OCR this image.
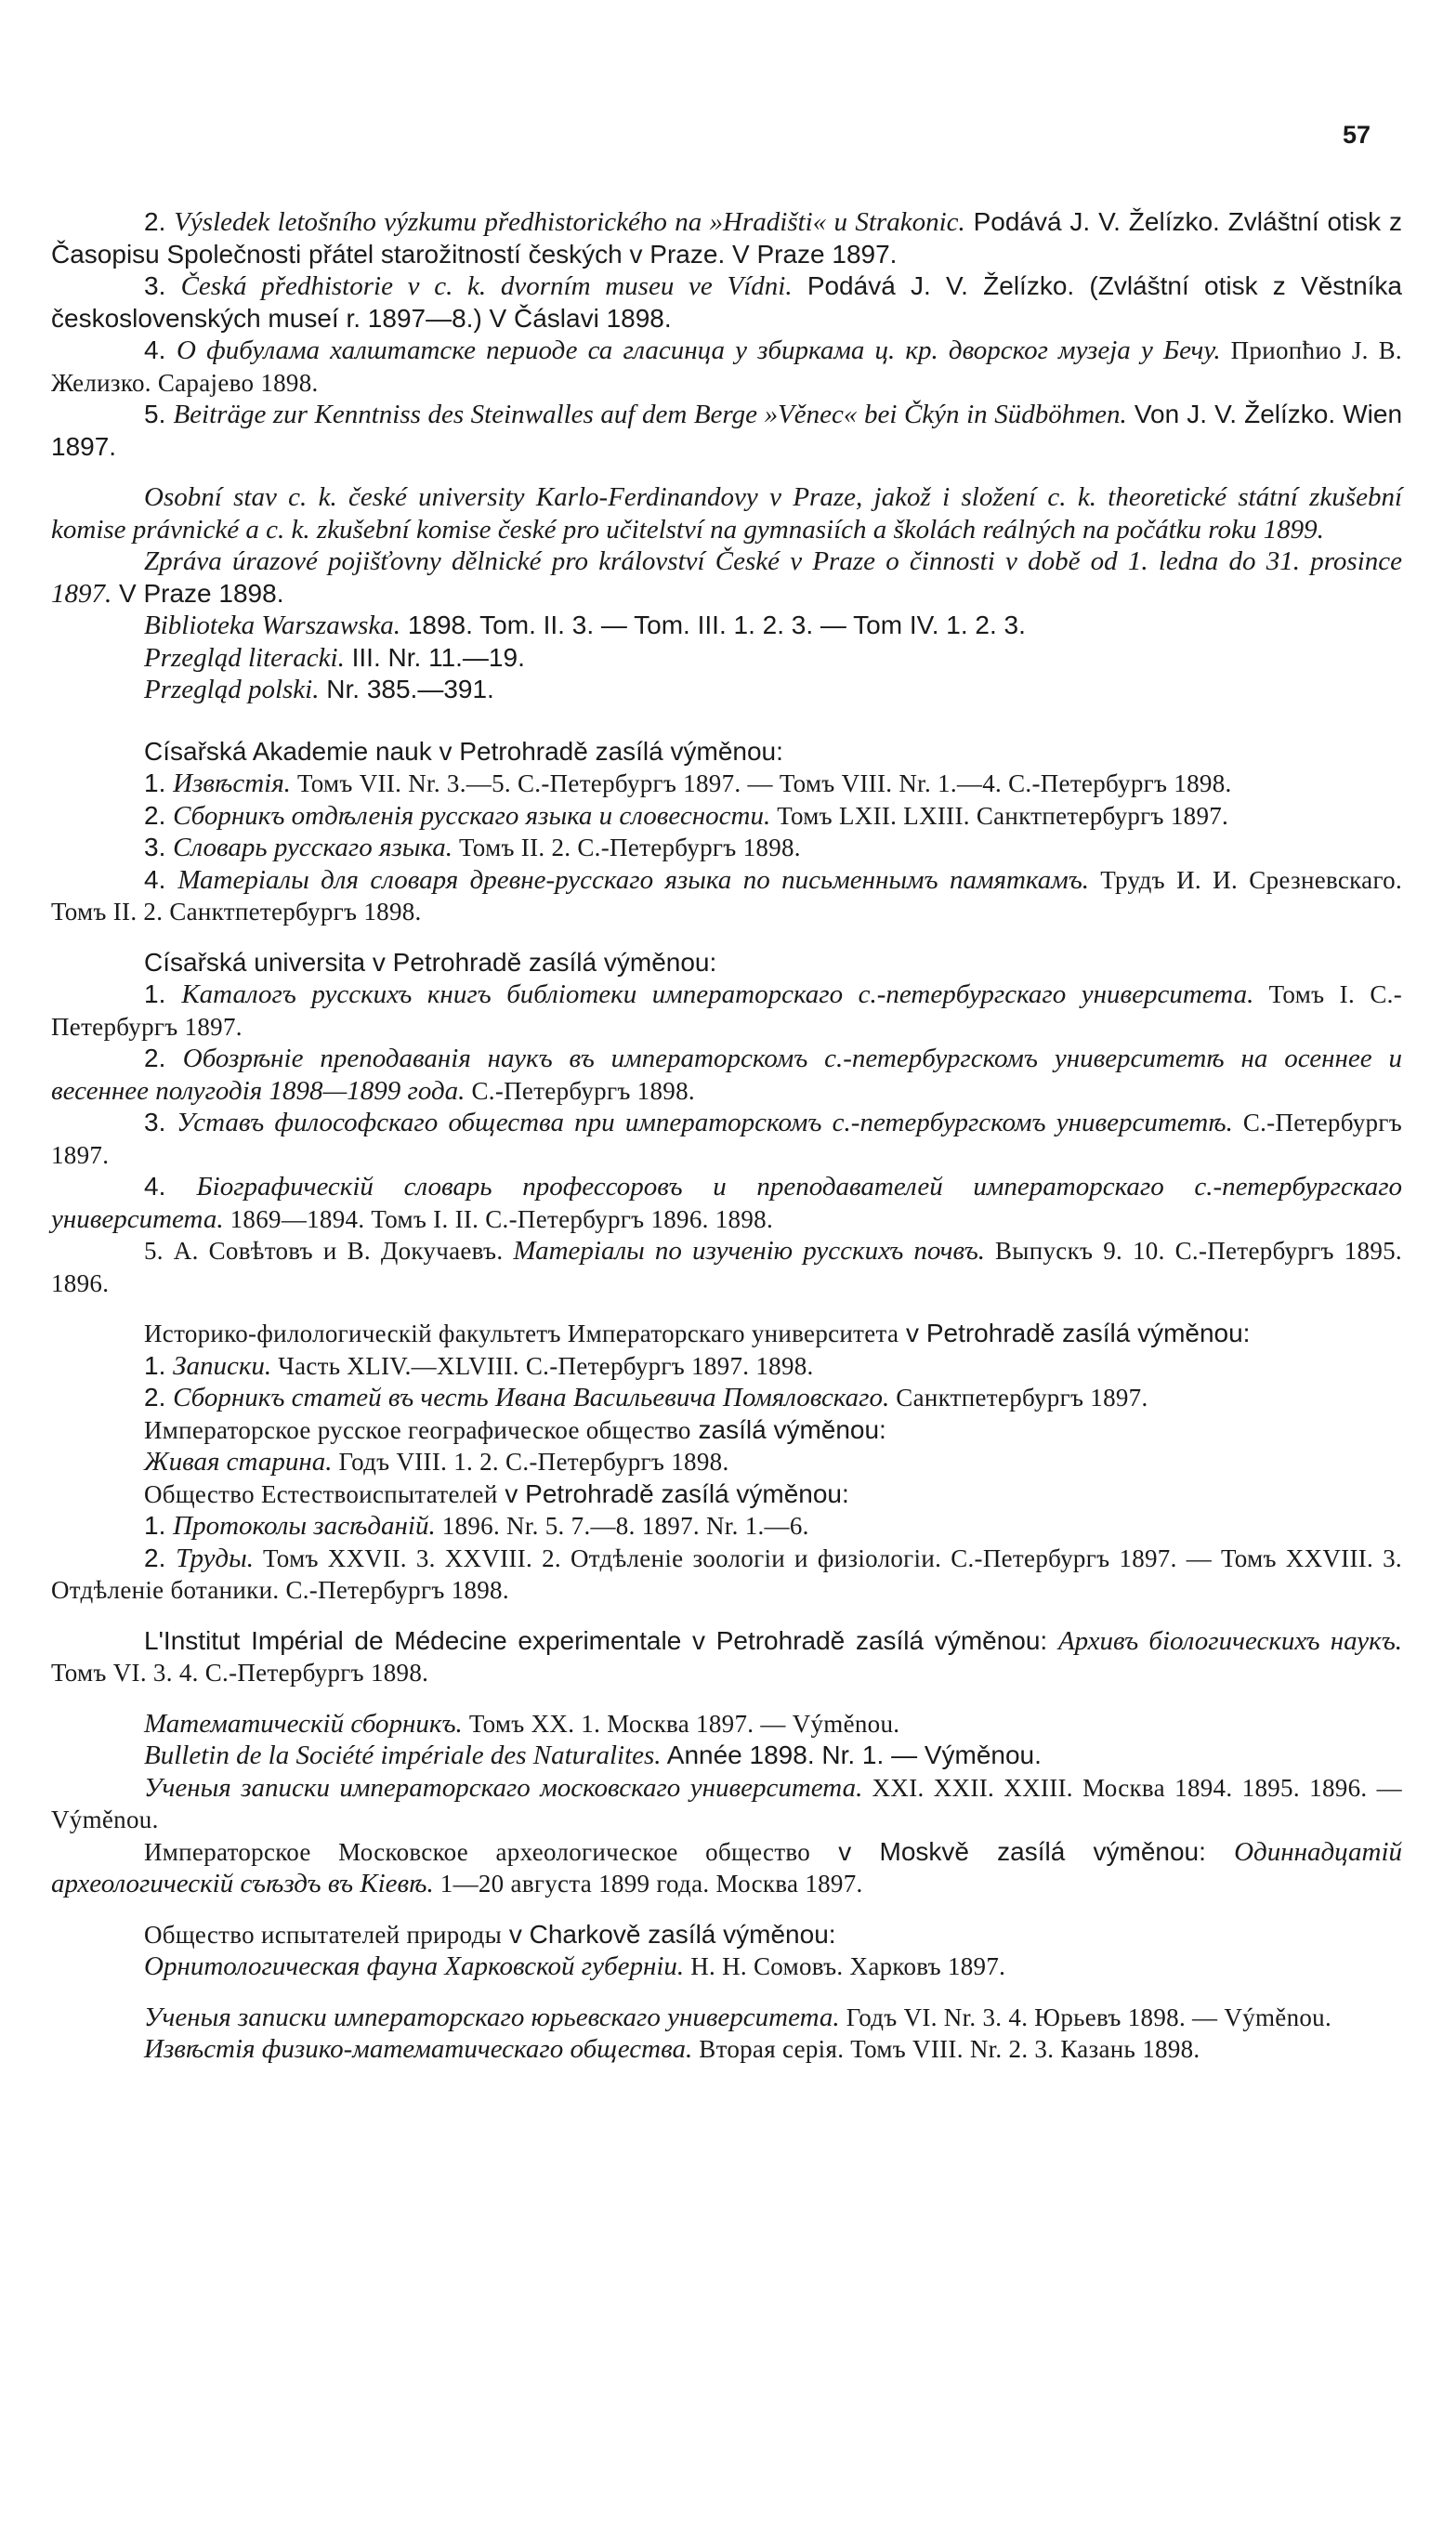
57

2. Výsledek letošního výzkumu předhistorického na »Hradišti« u Strakonic. Podává J. V. Želízko. Zvláštní otisk z Časopisu Společnosti přátel starožitností českých v Praze. V Praze 1897.

3. Česká předhistorie v c. k. dvorním museu ve Vídni. Podává J. V. Želízko. (Zvláštní otisk z Věstníka československých museí r. 1897—8.) V Čáslavi 1898.

4. О фибулама халштатске периоде са гласинца у збиркама ц. кр. дворског музеја у Бечу. Приопћио Ј. В. Желизко. Сарајево 1898.

5. Beiträge zur Kenntniss des Steinwalles auf dem Berge »Věnec« bei Čkýn in Südböhmen. Von J. V. Želízko. Wien 1897.

Osobní stav c. k. české university Karlo-Ferdinandovy v Praze, jakož i složení c. k. theoretické státní zkušební komise právnické a c. k. zkušební komise české pro učitelství na gymnasiích a školách reálných na počátku roku 1899.

Zpráva úrazové pojišťovny dělnické pro království České v Praze o činnosti v době od 1. ledna do 31. prosince 1897. V Praze 1898.

Biblioteka Warszawska. 1898. Tom. II. 3. — Tom. III. 1. 2. 3. — Tom IV. 1. 2. 3.

Przegląd literacki. III. Nr. 11.—19.

Przegląd polski. Nr. 385.—391.

Císařská Akademie nauk v Petrohradě zasílá výměnou:

1. Извѣстія. Томъ VII. Nr. 3.—5. С.-Петербургъ 1897. — Томъ VIII. Nr. 1.—4. С.-Петербургъ 1898.

2. Сборникъ отдѣленія русскаго языка и словесности. Томъ LXII. LXIII. Санктпетербургъ 1897.

3. Словарь русскаго языка. Томъ II. 2. С.-Петербургъ 1898.

4. Матеріалы для словаря древне-русскаго языка по письменнымъ памяткамъ. Трудъ И. И. Срезневскаго. Томъ II. 2. Санктпетербургъ 1898.

Císařská universita v Petrohradě zasílá výměnou:

1. Каталогъ русскихъ книгъ библіотеки императорскаго с.-петербургскаго университета. Томъ I. С.-Петербургъ 1897.

2. Обозрѣніе преподаванія наукъ въ императорскомъ с.-петербургскомъ университетѣ на осеннее и весеннее полугодія 1898—1899 года. С.-Петербургъ 1898.

3. Уставъ философскаго общества при императорскомъ с.-петербургскомъ университетѣ. С.-Петербургъ 1897.

4. Біографическій словарь профессоровъ и преподавателей императорскаго с.-петербургскаго университета. 1869—1894. Томъ I. II. С.-Петербургъ 1896. 1898.

5. А. Совѣтовъ и В. Докучаевъ. Матеріалы по изученію русскихъ почвъ. Выпускъ 9. 10. С.-Петербургъ 1895. 1896.

Историко-филологическій факультетъ Императорскаго университета v Petrohradě zasílá výměnou:

1. Записки. Часть XLIV.—XLVIII. С.-Петербургъ 1897. 1898.

2. Сборникъ статей въ честь Ивана Васильевича Помяловскаго. Санктпетербургъ 1897.

Императорское русское географическое общество zasílá výměnou:

Живая старина. Годъ VIII. 1. 2. С.-Петербургъ 1898.

Общество Естествоиспытателей v Petrohradě zasílá výměnou:

1. Протоколы засѣданій. 1896. Nr. 5. 7.—8. 1897. Nr. 1.—6.

2. Труды. Томъ XXVII. 3. XXVIII. 2. Отдѣленіе зоологіи и физіологіи. С.-Петербургъ 1897. — Томъ XXVIII. 3. Отдѣленіе ботаники. С.-Петербургъ 1898.

L'Institut Impérial de Médecine experimentale v Petrohradě zasílá výměnou: Архивъ біологическихъ наукъ. Томъ VI. 3. 4. С.-Петербургъ 1898.

Математическій сборникъ. Томъ XX. 1. Москва 1897. — Výměnou.

Bulletin de la Société impériale des Naturalites. Année 1898. Nr. 1. — Výměnou.

Ученыя записки императорскаго московскаго университета. XXI. XXII. XXIII. Москва 1894. 1895. 1896. — Výměnou.

Императорское Московское археологическое общество v Moskvě zasílá výměnou: Одиннадцатій археологическій съѣздъ въ Кіевѣ. 1—20 августа 1899 года. Москва 1897.

Общество испытателей природы v Charkově zasílá výměnou:

Орнитологическая фауна Харковской губерніи. Н. Н. Сомовъ. Харковъ 1897.

Ученыя записки императорскаго юрьевскаго университета. Годъ VI. Nr. 3. 4. Юрьевъ 1898. — Výměnou.

Извѣстія физико-математическаго общества. Вторая серія. Томъ VIII. Nr. 2. 3. Казань 1898.
